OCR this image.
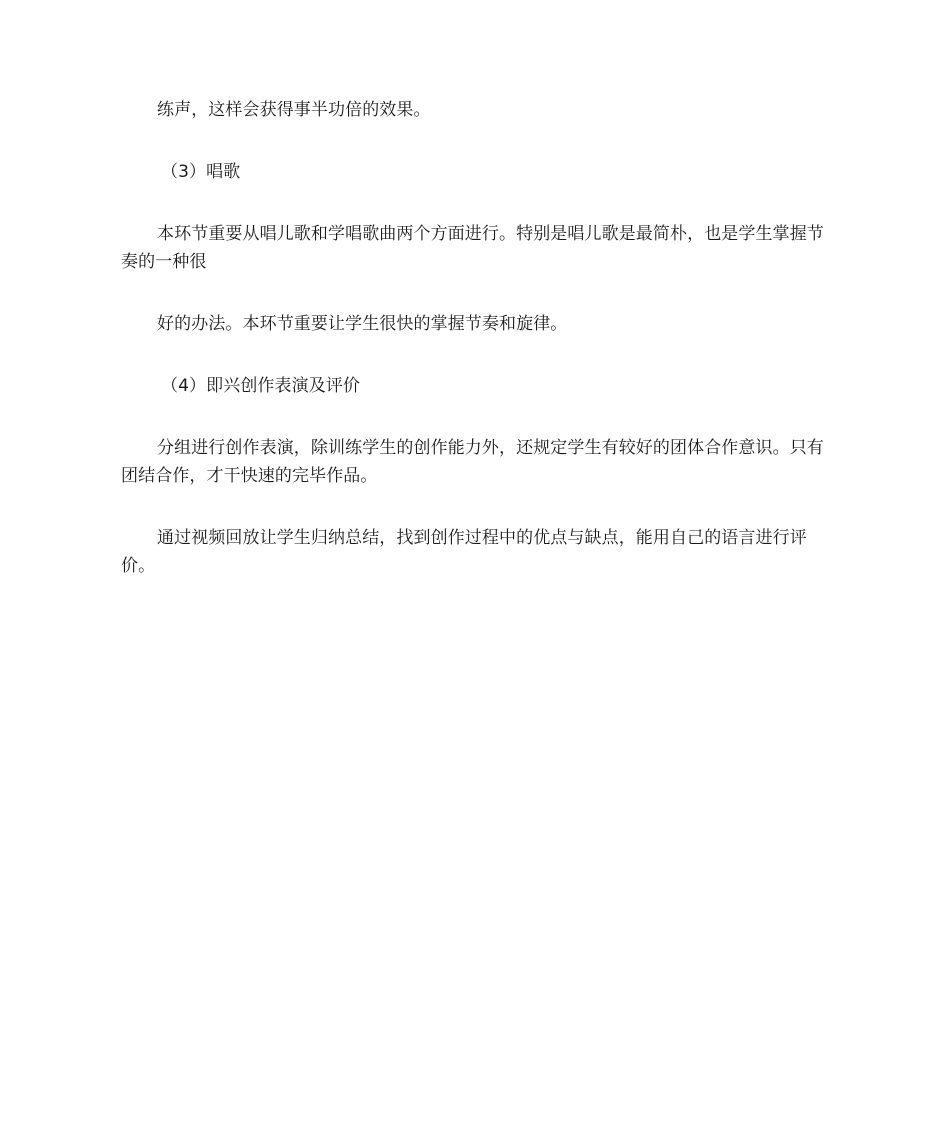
练声，这样会获得事半功倍的效果。

（3）唱歌

本环节重要从唱儿歌和学唱歌曲两个方面进行。特别是唱儿歌是最简朴，也是学生掌握节奏的一种很

好的办法。本环节重要让学生很快的掌握节奏和旋律。

（4）即兴创作表演及评价

分组进行创作表演，除训练学生的创作能力外，还规定学生有较好的团体合作意识。只有团结合作，才干快速的完毕作品。

通过视频回放让学生归纳总结，找到创作过程中的优点与缺点，能用自己的语言进行评价。
